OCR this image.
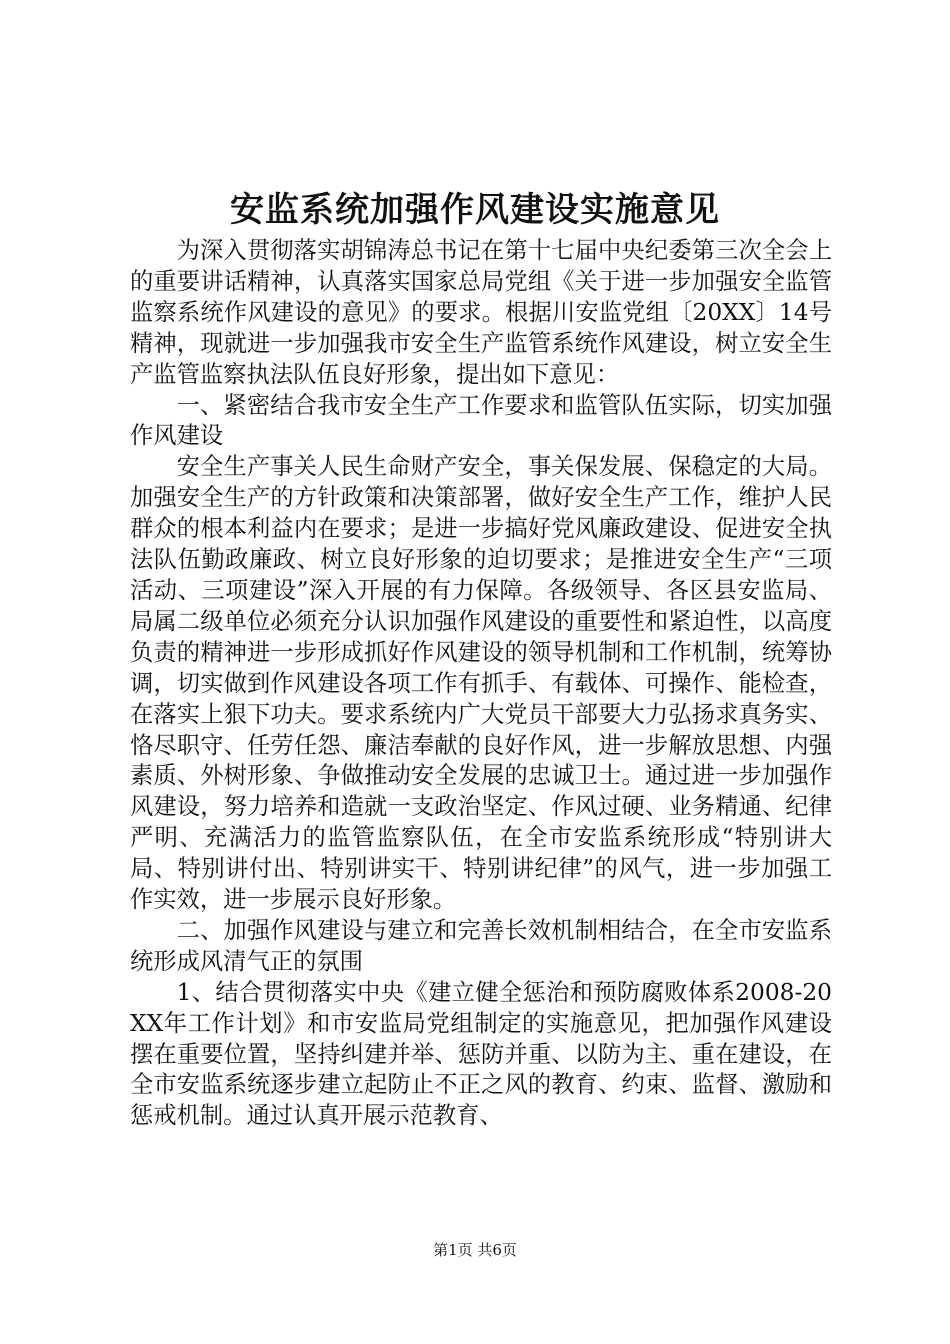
安监系统加强作风建设实施意见

为深入贯彻落实胡锦涛总书记在第十七届中央纪委第三次全会上的重要讲话精神，认真落实国家总局党组《关于进一步加强安全监管监察系统作风建设的意见》的要求。根据川安监党组〔20XX〕14号精神，现就进一步加强我市安全生产监管系统作风建设，树立安全生产监管监察执法队伍良好形象，提出如下意见：

一、紧密结合我市安全生产工作要求和监管队伍实际，切实加强作风建设

安全生产事关人民生命财产安全，事关保发展、保稳定的大局。加强安全生产的方针政策和决策部署，做好安全生产工作，维护人民群众的根本利益内在要求；是进一步搞好党风廉政建设、促进安全执法队伍勤政廉政、树立良好形象的迫切要求；是推进安全生产“三项活动、三项建设”深入开展的有力保障。各级领导、各区县安监局、局属二级单位必须充分认识加强作风建设的重要性和紧迫性，以高度负责的精神进一步形成抓好作风建设的领导机制和工作机制，统筹协调，切实做到作风建设各项工作有抓手、有载体、可操作、能检查，在落实上狠下功夫。要求系统内广大党员干部要大力弘扬求真务实、恪尽职守、任劳任怨、廉洁奉献的良好作风，进一步解放思想、内强素质、外树形象、争做推动安全发展的忠诚卫士。通过进一步加强作风建设，努力培养和造就一支政治坚定、作风过硬、业务精通、纪律严明、充满活力的监管监察队伍，在全市安监系统形成“特别讲大局、特别讲付出、特别讲实干、特别讲纪律”的风气，进一步加强工作实效，进一步展示良好形象。

二、加强作风建设与建立和完善长效机制相结合，在全市安监系统形成风清气正的氛围

1、结合贯彻落实中央《建立健全惩治和预防腐败体系2008-20XX年工作计划》和市安监局党组制定的实施意见，把加强作风建设摆在重要位置，坚持纠建并举、惩防并重、以防为主、重在建设，在全市安监系统逐步建立起防止不正之风的教育、约束、监督、激励和惩戒机制。通过认真开展示范教育、

第1页 共6页
